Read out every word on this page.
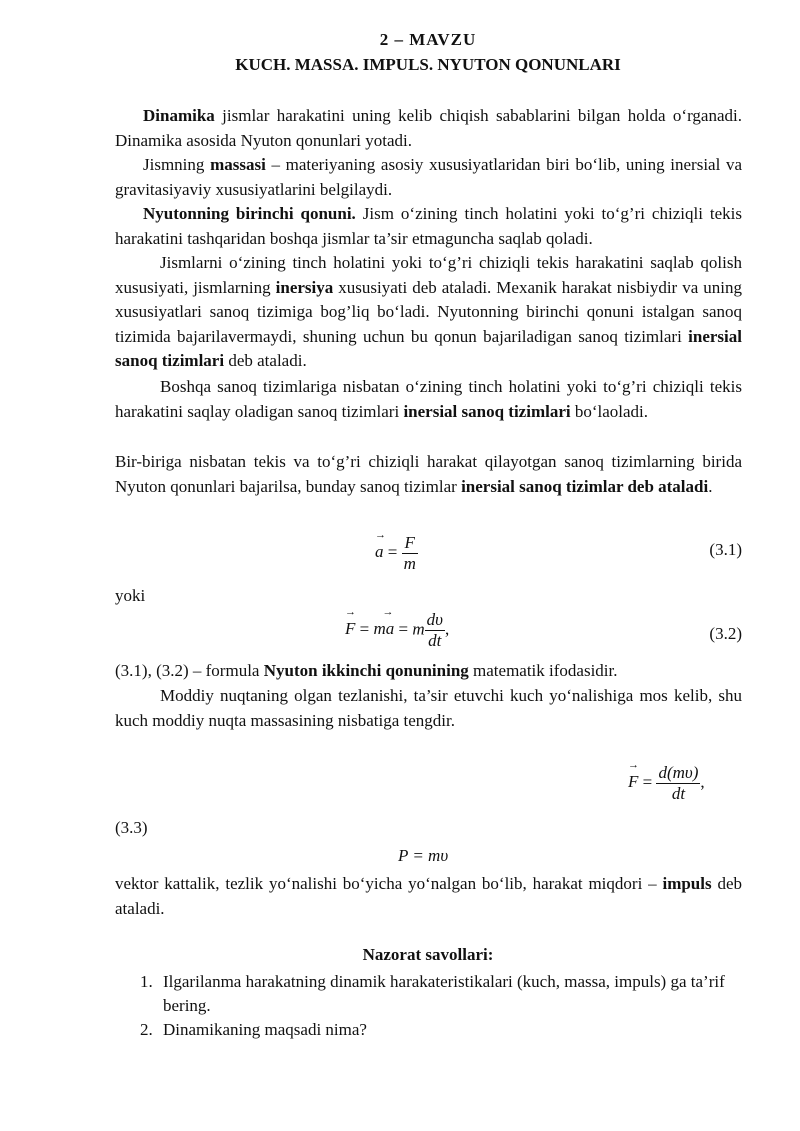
2 – MAVZU
KUCH. MASSA. IMPULS. NYUTON QONUNLARI

Dinamika jismlar harakatini uning kelib chiqish sabablarini bilgan holda o‘rganadi. Dinamika asosida Nyuton qonunlari yotadi.

Jismning massasi – materiyaning asosiy xususiyatlaridan biri bo‘lib, uning inersial va gravitasiyaviy xususiyatlarini belgilaydi.

Nyutonning birinchi qonuni. Jism o‘zining tinch holatini yoki to‘g’ri chiziqli tekis harakatini tashqaridan boshqa jismlar ta’sir etmaguncha saqlab qoladi.

Jismlarni o‘zining tinch holatini yoki to‘g’ri chiziqli tekis harakatini saqlab qolish xususiyati, jismlarning inersiya xususiyati deb ataladi. Mexanik harakat nisbiydir va uning xususiyatlari sanoq tizimiga bog’liq bo‘ladi. Nyutonning birinchi qonuni istalgan sanoq tizimida bajarilavermaydi, shuning uchun bu qonun bajariladigan sanoq tizimlari inersial sanoq tizimlari deb ataladi.

Boshqa sanoq tizimlariga nisbatan o‘zining tinch holatini yoki to‘g’ri chiziqli tekis harakatini saqlay oladigan sanoq tizimlari inersial sanoq tizimlari bo‘laoladi.

Bir-biriga nisbatan tekis va to‘g’ri chiziqli harakat qilayotgan sanoq tizimlarning birida Nyuton qonunlari bajarilsa, bunday sanoq tizimlar inersial sanoq tizimlar deb ataladi.

→ $a = \frac{F}{m}$	(3.1)
yoki
→ F =
→
ma = m $\frac{d\upsilon}{dt}$ ,	(3.2)

(3.1), (3.2) – formula Nyuton ikkinchi qonunining matematik ifodasidir.

Moddiy nuqtaning olgan tezlanishi, ta’sir etuvchi kuch yo‘nalishiga mos kelib, shu kuch moddiy nuqta massasining nisbatiga tengdir.

→ $F = \frac{d(m\upsilon)}{dt}$ ,
(3.3)
P = mυ

vektor kattalik, tezlik yo‘nalishi bo‘yicha yo‘nalgan bo‘lib, harakat miqdori – impuls deb ataladi.

Nazorat savollari:
1. Ilgarilanma harakatning dinamik harakateristikalari (kuch, massa, impuls) ga ta’rif bering.
2. Dinamikaning maqsadi nima?
